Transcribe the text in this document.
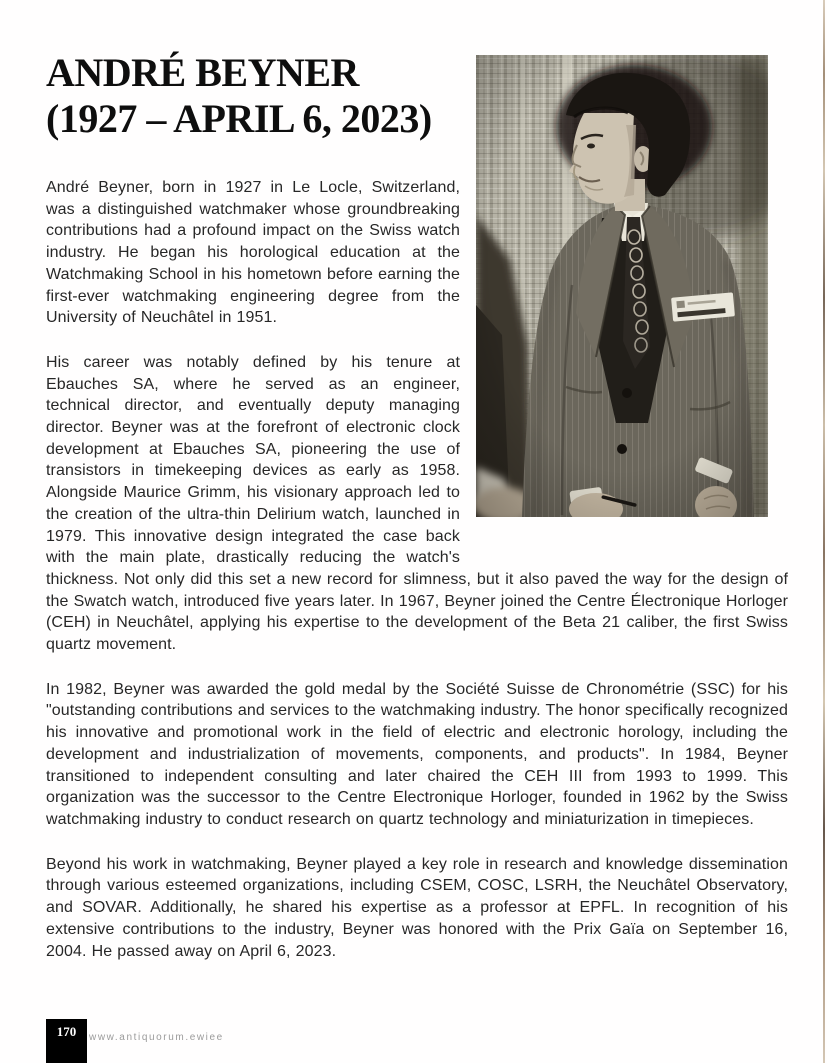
ANDRÉ BEYNER
(1927 – APRIL 6, 2023)

André Beyner, born in 1927 in Le Locle, Switzerland, was a distinguished watchmaker whose groundbreaking contributions had a profound impact on the Swiss watch industry. He began his horological education at the Watchmaking School in his hometown before earning the first-ever watchmaking engineering degree from the University of Neuchâtel in 1951.

His career was notably defined by his tenure at Ebauches SA, where he served as an engineer, technical director, and eventually deputy managing director. Beyner was at the forefront of electronic clock development at Ebauches SA, pioneering the use of transistors in timekeeping devices as early as 1958. Alongside Maurice Grimm, his visionary approach led to the creation of the ultra-thin Delirium watch, launched in 1979. This innovative design integrated the case back with the main plate, drastically reducing the watch's thickness. Not only did this set a new record for slimness, but it also paved the way for the design of the Swatch watch, introduced five years later. In 1967, Beyner joined the Centre Électronique Horloger (CEH) in Neuchâtel, applying his expertise to the development of the Beta 21 caliber, the first Swiss quartz movement.

In 1982, Beyner was awarded the gold medal by the Société Suisse de Chronométrie (SSC) for his "outstanding contributions and services to the watchmaking industry. The honor specifically recognized his innovative and promotional work in the field of electric and electronic horology, including the development and industrialization of movements, components, and products". In 1984, Beyner transitioned to independent consulting and later chaired the CEH III from 1993 to 1999. This organization was the successor to the Centre Electronique Horloger, founded in 1962 by the Swiss watchmaking industry to conduct research on quartz technology and miniaturization in timepieces.

Beyond his work in watchmaking, Beyner played a key role in research and knowledge dissemination through various esteemed organizations, including CSEM, COSC, LSRH, the Neuchâtel Observatory, and SOVAR. Additionally, he shared his expertise as a professor at EPFL. In recognition of his extensive contributions to the industry, Beyner was honored with the Prix Gaïa on September 16, 2004. He passed away on April 6, 2023.

170	www.antiquorum.ewiee
